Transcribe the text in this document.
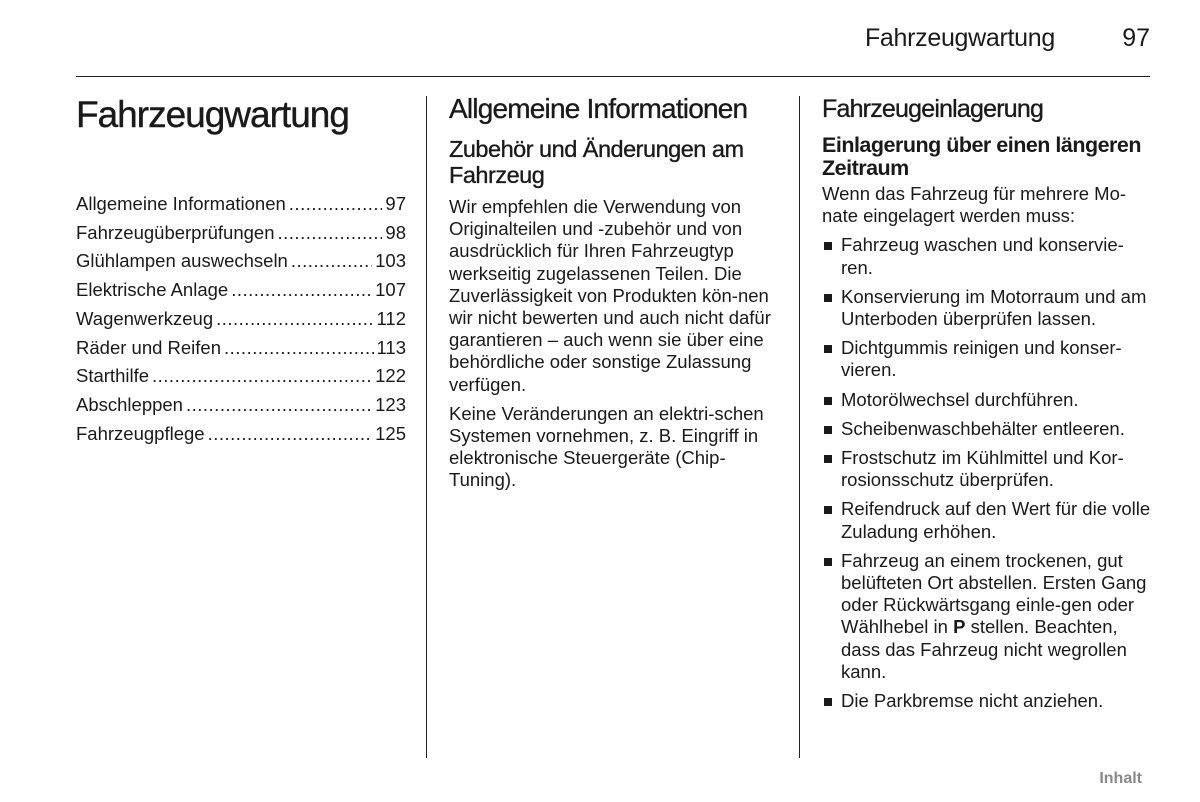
Fahrzeugwartung	97
Fahrzeugwartung
Allgemeine Informationen .....	97
Fahrzeugüberprüfungen .....	98
Glühlampen auswechseln .....	103
Elektrische Anlage .....	107
Wagenwerkzeug .....	112
Räder und Reifen .....	113
Starthilfe .....	122
Abschleppen .....	123
Fahrzeugpflege .....	125
Allgemeine Informationen
Zubehör und Änderungen am Fahrzeug

Wir empfehlen die Verwendung von Originalteilen und -zubehör und von ausdrücklich für Ihren Fahrzeugtyp werkseitig zugelassenen Teilen. Die Zuverlässigkeit von Produkten kön-nen wir nicht bewerten und auch nicht dafür garantieren – auch wenn sie über eine behördliche oder sonstige Zulassung verfügen.

Keine Veränderungen an elektri-schen Systemen vornehmen, z. B. Eingriff in elektronische Steuergeräte (Chip-Tuning).

Fahrzeugeinlagerung
Einlagerung über einen längeren Zeitraum

Wenn das Fahrzeug für mehrere Mo-nate eingelagert werden muss:

Fahrzeug waschen und konservie-ren.
Konservierung im Motorraum und am Unterboden überprüfen lassen.
Dichtgummis reinigen und konser-vieren.
Motorölwechsel durchführen.
Scheibenwaschbehälter entleeren.
Frostschutz im Kühlmittel und Kor-rosionsschutz überprüfen.
Reifendruck auf den Wert für die volle Zuladung erhöhen.
Fahrzeug an einem trockenen, gut belüfteten Ort abstellen. Ersten Gang oder Rückwärtsgang einle-gen oder Wählhebel in P stellen. Beachten, dass das Fahrzeug nicht wegrollen kann.
Die Parkbremse nicht anziehen.
Inhalt
